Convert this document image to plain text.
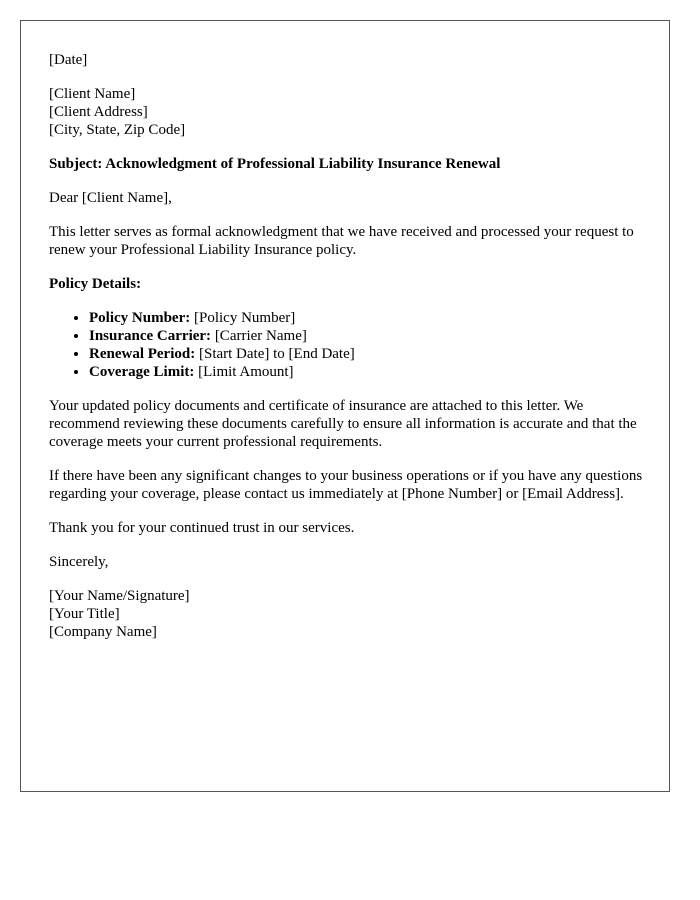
[Date]

[Client Name]
[Client Address]
[City, State, Zip Code]

Subject: Acknowledgment of Professional Liability Insurance Renewal

Dear [Client Name],

This letter serves as formal acknowledgment that we have received and processed your request to renew your Professional Liability Insurance policy.

Policy Details:

• Policy Number: [Policy Number]
• Insurance Carrier: [Carrier Name]
• Renewal Period: [Start Date] to [End Date]
• Coverage Limit: [Limit Amount]

Your updated policy documents and certificate of insurance are attached to this letter. We recommend reviewing these documents carefully to ensure all information is accurate and that the coverage meets your current professional requirements.

If there have been any significant changes to your business operations or if you have any questions regarding your coverage, please contact us immediately at [Phone Number] or [Email Address].

Thank you for your continued trust in our services.

Sincerely,

[Your Name/Signature]
[Your Title]
[Company Name]
